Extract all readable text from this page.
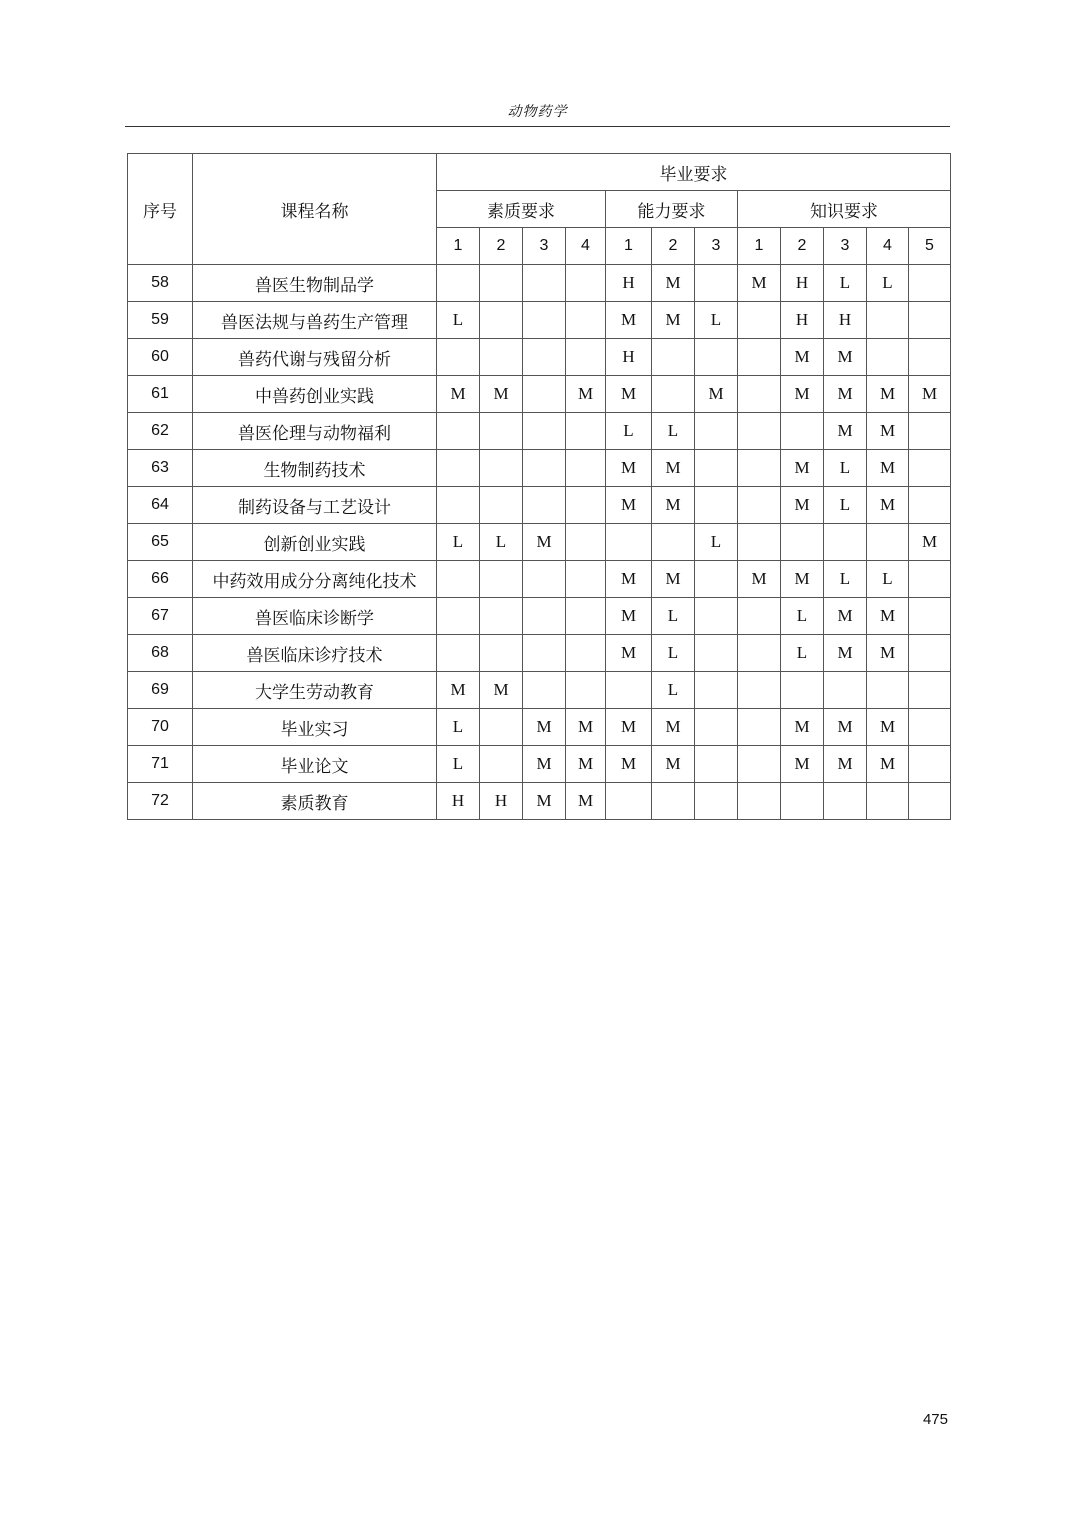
动物药学
序号	课程名称	毕业要求											
		素质要求				能力要求			知识要求				
		1	2	3	4	1	2	3	1	2	3	4	5
58	兽医生物制品学					H	M		M	H	L	L	
59	兽医法规与兽药生产管理	L				M	M	L		H	H		
60	兽药代谢与残留分析					H				M	M		
61	中兽药创业实践	M	M		M	M		M		M	M	M	M
62	兽医伦理与动物福利					L	L				M	M	
63	生物制药技术					M	M			M	L	M	
64	制药设备与工艺设计					M	M			M	L	M	
65	创新创业实践	L	L	M				L					M
66	中药效用成分分离纯化技术					M	M		M	M	L	L	
67	兽医临床诊断学					M	L			L	M	M	
68	兽医临床诊疗技术					M	L			L	M	M	
69	大学生劳动教育	M	M				L						
70	毕业实习	L		M	M	M	M			M	M	M	
71	毕业论文	L		M	M	M	M			M	M	M	
72	素质教育	H	H	M	M								
475
